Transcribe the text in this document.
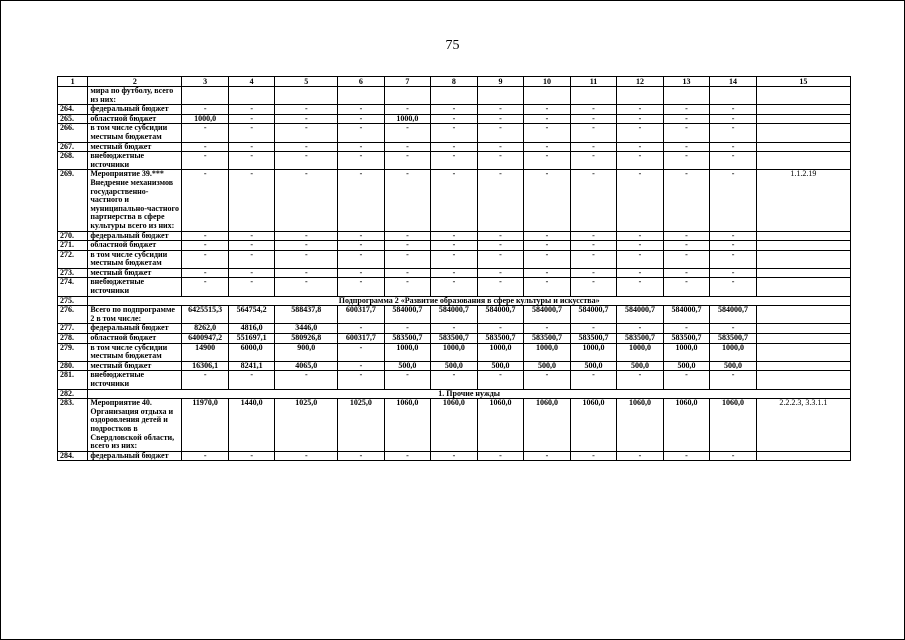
75
1	2	3	4	5	6	7	8	9	10	11	12	13	14	15
	мира по футболу, всего из них:													
264.	федеральный бюджет	-	-	-	-	-	-	-	-	-	-	-	-	
265.	областной бюджет	1000,0	-	-	-	1000,0	-	-	-	-	-	-	-	
266.	в том числе субсидии местным бюджетам	-	-	-	-	-	-	-	-	-	-	-	-	
267.	местный бюджет	-	-	-	-	-	-	-	-	-	-	-	-	
268.	внебюджетные источники	-	-	-	-	-	-	-	-	-	-	-	-	
269.	Мероприятие 39.*** Внедрение механизмов государственно-частного и муниципально-частного партнерства в сфере культуры всего из них:	-	-	-	-	-	-	-	-	-	-	-	-	1.1.2.19
270.	федеральный бюджет	-	-	-	-	-	-	-	-	-	-	-	-	
271.	областной бюджет	-	-	-	-	-	-	-	-	-	-	-	-	
272.	в том числе субсидии местным бюджетам	-	-	-	-	-	-	-	-	-	-	-	-	
273.	местный бюджет	-	-	-	-	-	-	-	-	-	-	-	-	
274.	внебюджетные источники	-	-	-	-	-	-	-	-	-	-	-	-	
275.	Подпрограмма 2 «Развитие образования в сфере культуры и искусства»													
276.	Всего по подпрограмме 2 в том числе:	6425515,3	564754,2	588437,8	600317,7	584000,7	584000,7	584000,7	584000,7	584000,7	584000,7	584000,7	584000,7	
277.	федеральный бюджет	8262,0	4816,0	3446,0	-	-	-	-	-	-	-	-	-	
278.	областной бюджет	6400947,2	551697,1	580926,8	600317,7	583500,7	583500,7	583500,7	583500,7	583500,7	583500,7	583500,7	583500,7	
279.	в том числе субсидии местным бюджетам	14900	6000,0	900,0	-	1000,0	1000,0	1000,0	1000,0	1000,0	1000,0	1000,0	1000,0	
280.	местный бюджет	16306,1	8241,1	4065,0	-	500,0	500,0	500,0	500,0	500,0	500,0	500,0	500,0	
281.	внебюджетные источники	-	-	-	-	-	-	-	-	-	-	-	-	
282.	1. Прочие нужды													
283.	Мероприятие 40. Организация отдыха и оздоровления детей и подростков в Свердловской области, всего из них:	11970,0	1440,0	1025,0	1025,0	1060,0	1060,0	1060,0	1060,0	1060,0	1060,0	1060,0	1060,0	2.2.2.3, 3.3.1.1
284.	федеральный бюджет	-	-	-	-	-	-	-	-	-	-	-	-	
